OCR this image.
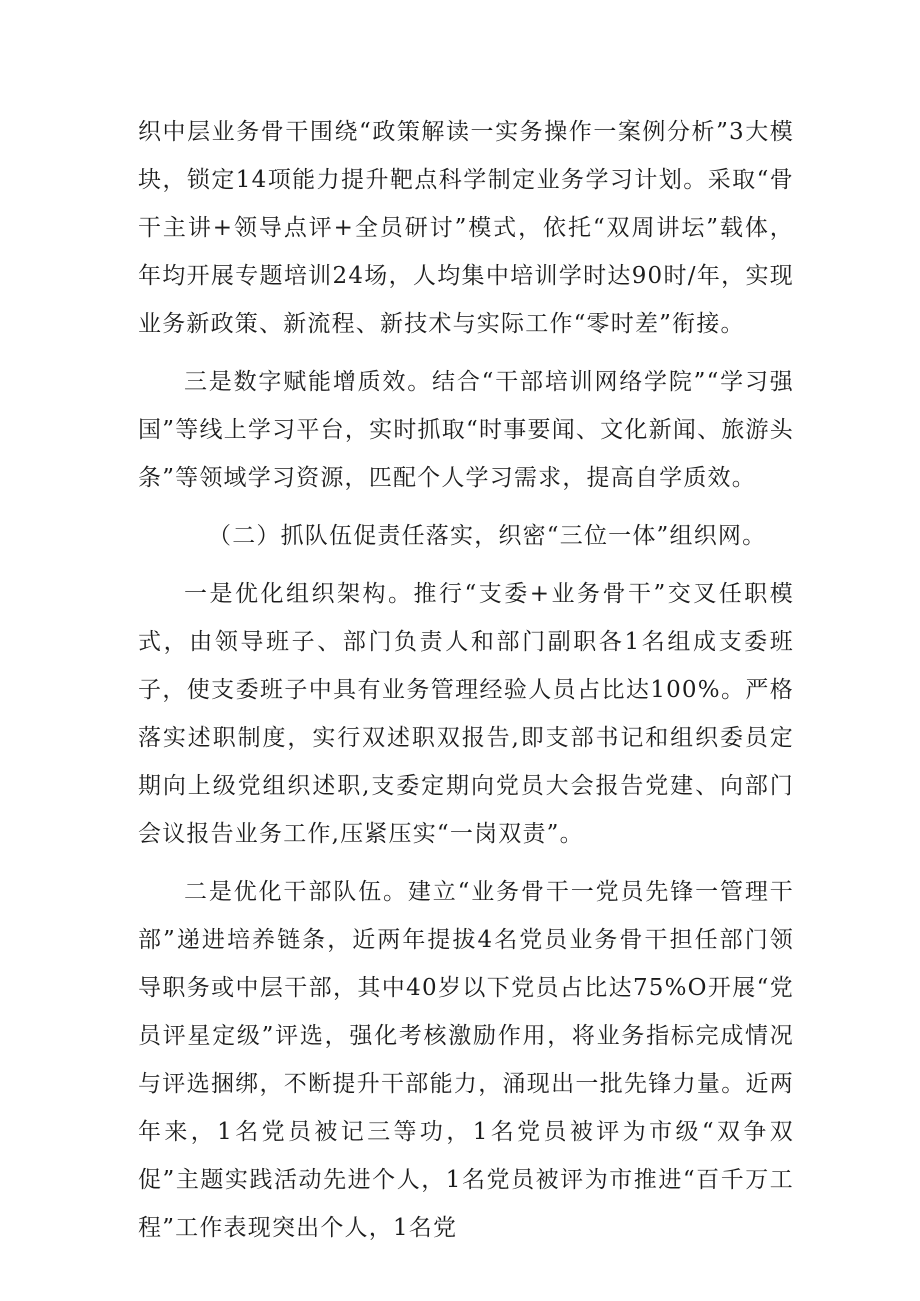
织中层业务骨干围绕“政策解读一实务操作一案例分析”3大模块，锁定14项能力提升靶点科学制定业务学习计划。采取“骨干主讲+领导点评+全员研讨”模式，依托“双周讲坛”载体，年均开展专题培训24场，人均集中培训学时达90时/年，实现业务新政策、新流程、新技术与实际工作“零时差”衔接。

三是数字赋能增质效。结合“干部培训网络学院”“学习强国”等线上学习平台，实时抓取“时事要闻、文化新闻、旅游头条”等领域学习资源，匹配个人学习需求，提高自学质效。

（二）抓队伍促责任落实，织密“三位一体”组织网。

一是优化组织架构。推行“支委+业务骨干”交叉任职模式，由领导班子、部门负责人和部门副职各1名组成支委班子，使支委班子中具有业务管理经验人员占比达100%。严格落实述职制度，实行双述职双报告,即支部书记和组织委员定期向上级党组织述职,支委定期向党员大会报告党建、向部门会议报告业务工作,压紧压实“一岗双责”。

二是优化干部队伍。建立“业务骨干一党员先锋一管理干部”递进培养链条，近两年提拔4名党员业务骨干担任部门领导职务或中层干部，其中40岁以下党员占比达75%O开展“党员评星定级”评选，强化考核激励作用，将业务指标完成情况与评选捆绑，不断提升干部能力，涌现出一批先锋力量。近两年来，1名党员被记三等功，1名党员被评为市级“双争双促”主题实践活动先进个人，1名党员被评为市推进“百千万工程”工作表现突出个人，1名党
